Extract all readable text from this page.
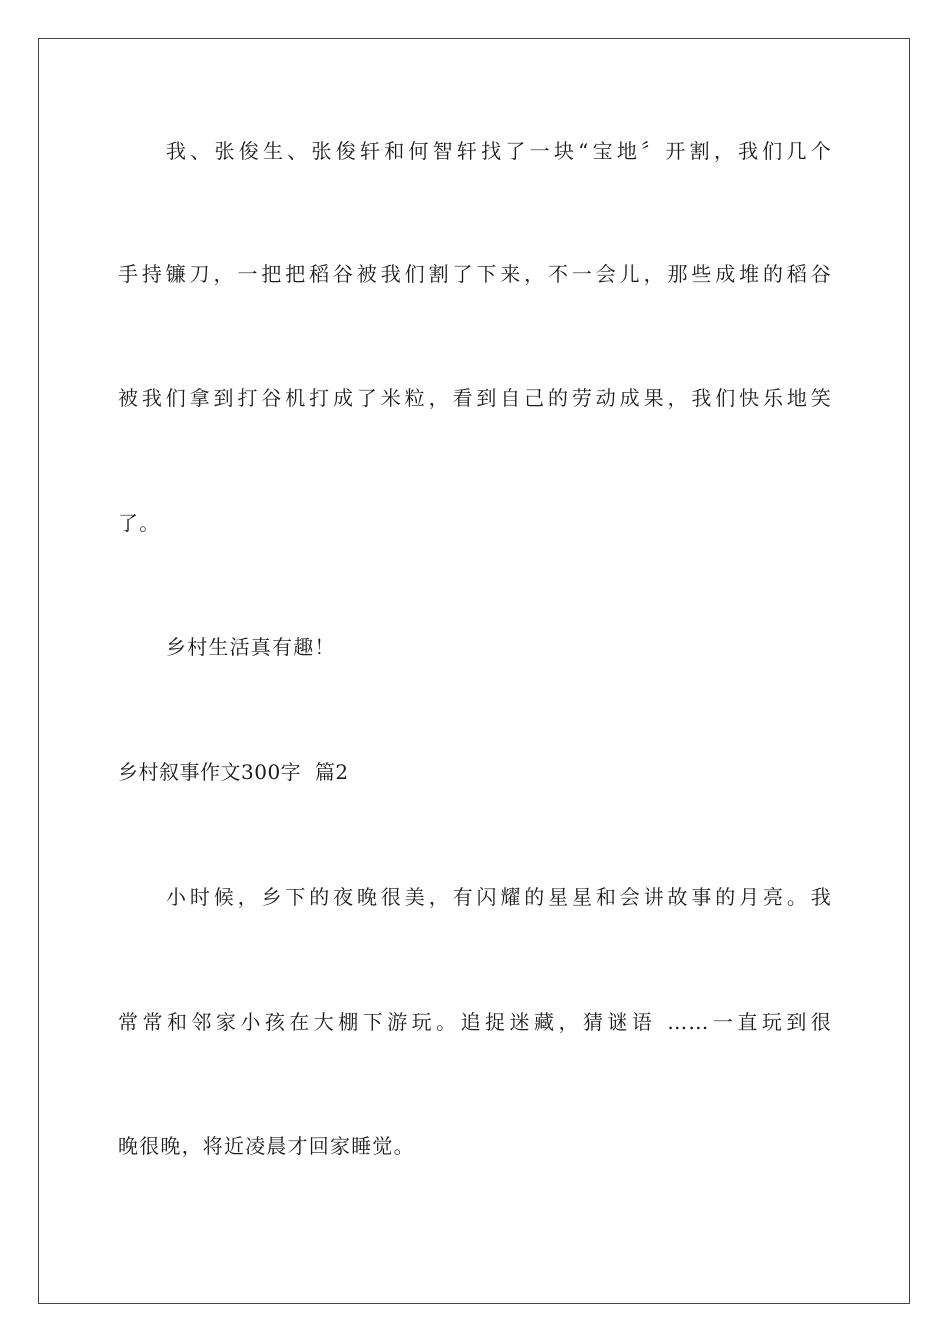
我、张俊生、张俊轩和何智轩找了一块“宝地〞开割，我们几个
手持镰刀，一把把稻谷被我们割了下来，不一会儿，那些成堆的稻谷
被我们拿到打谷机打成了米粒，看到自己的劳动成果，我们快乐地笑
了。
乡村生活真有趣！
乡村叙事作文300字  篇2
小时候，乡下的夜晚很美，有闪耀的星星和会讲故事的月亮。我
常常和邻家小孩在大棚下游玩。追捉迷藏，猜谜语 ……一直玩到很
晚很晚，将近凌晨才回家睡觉。
